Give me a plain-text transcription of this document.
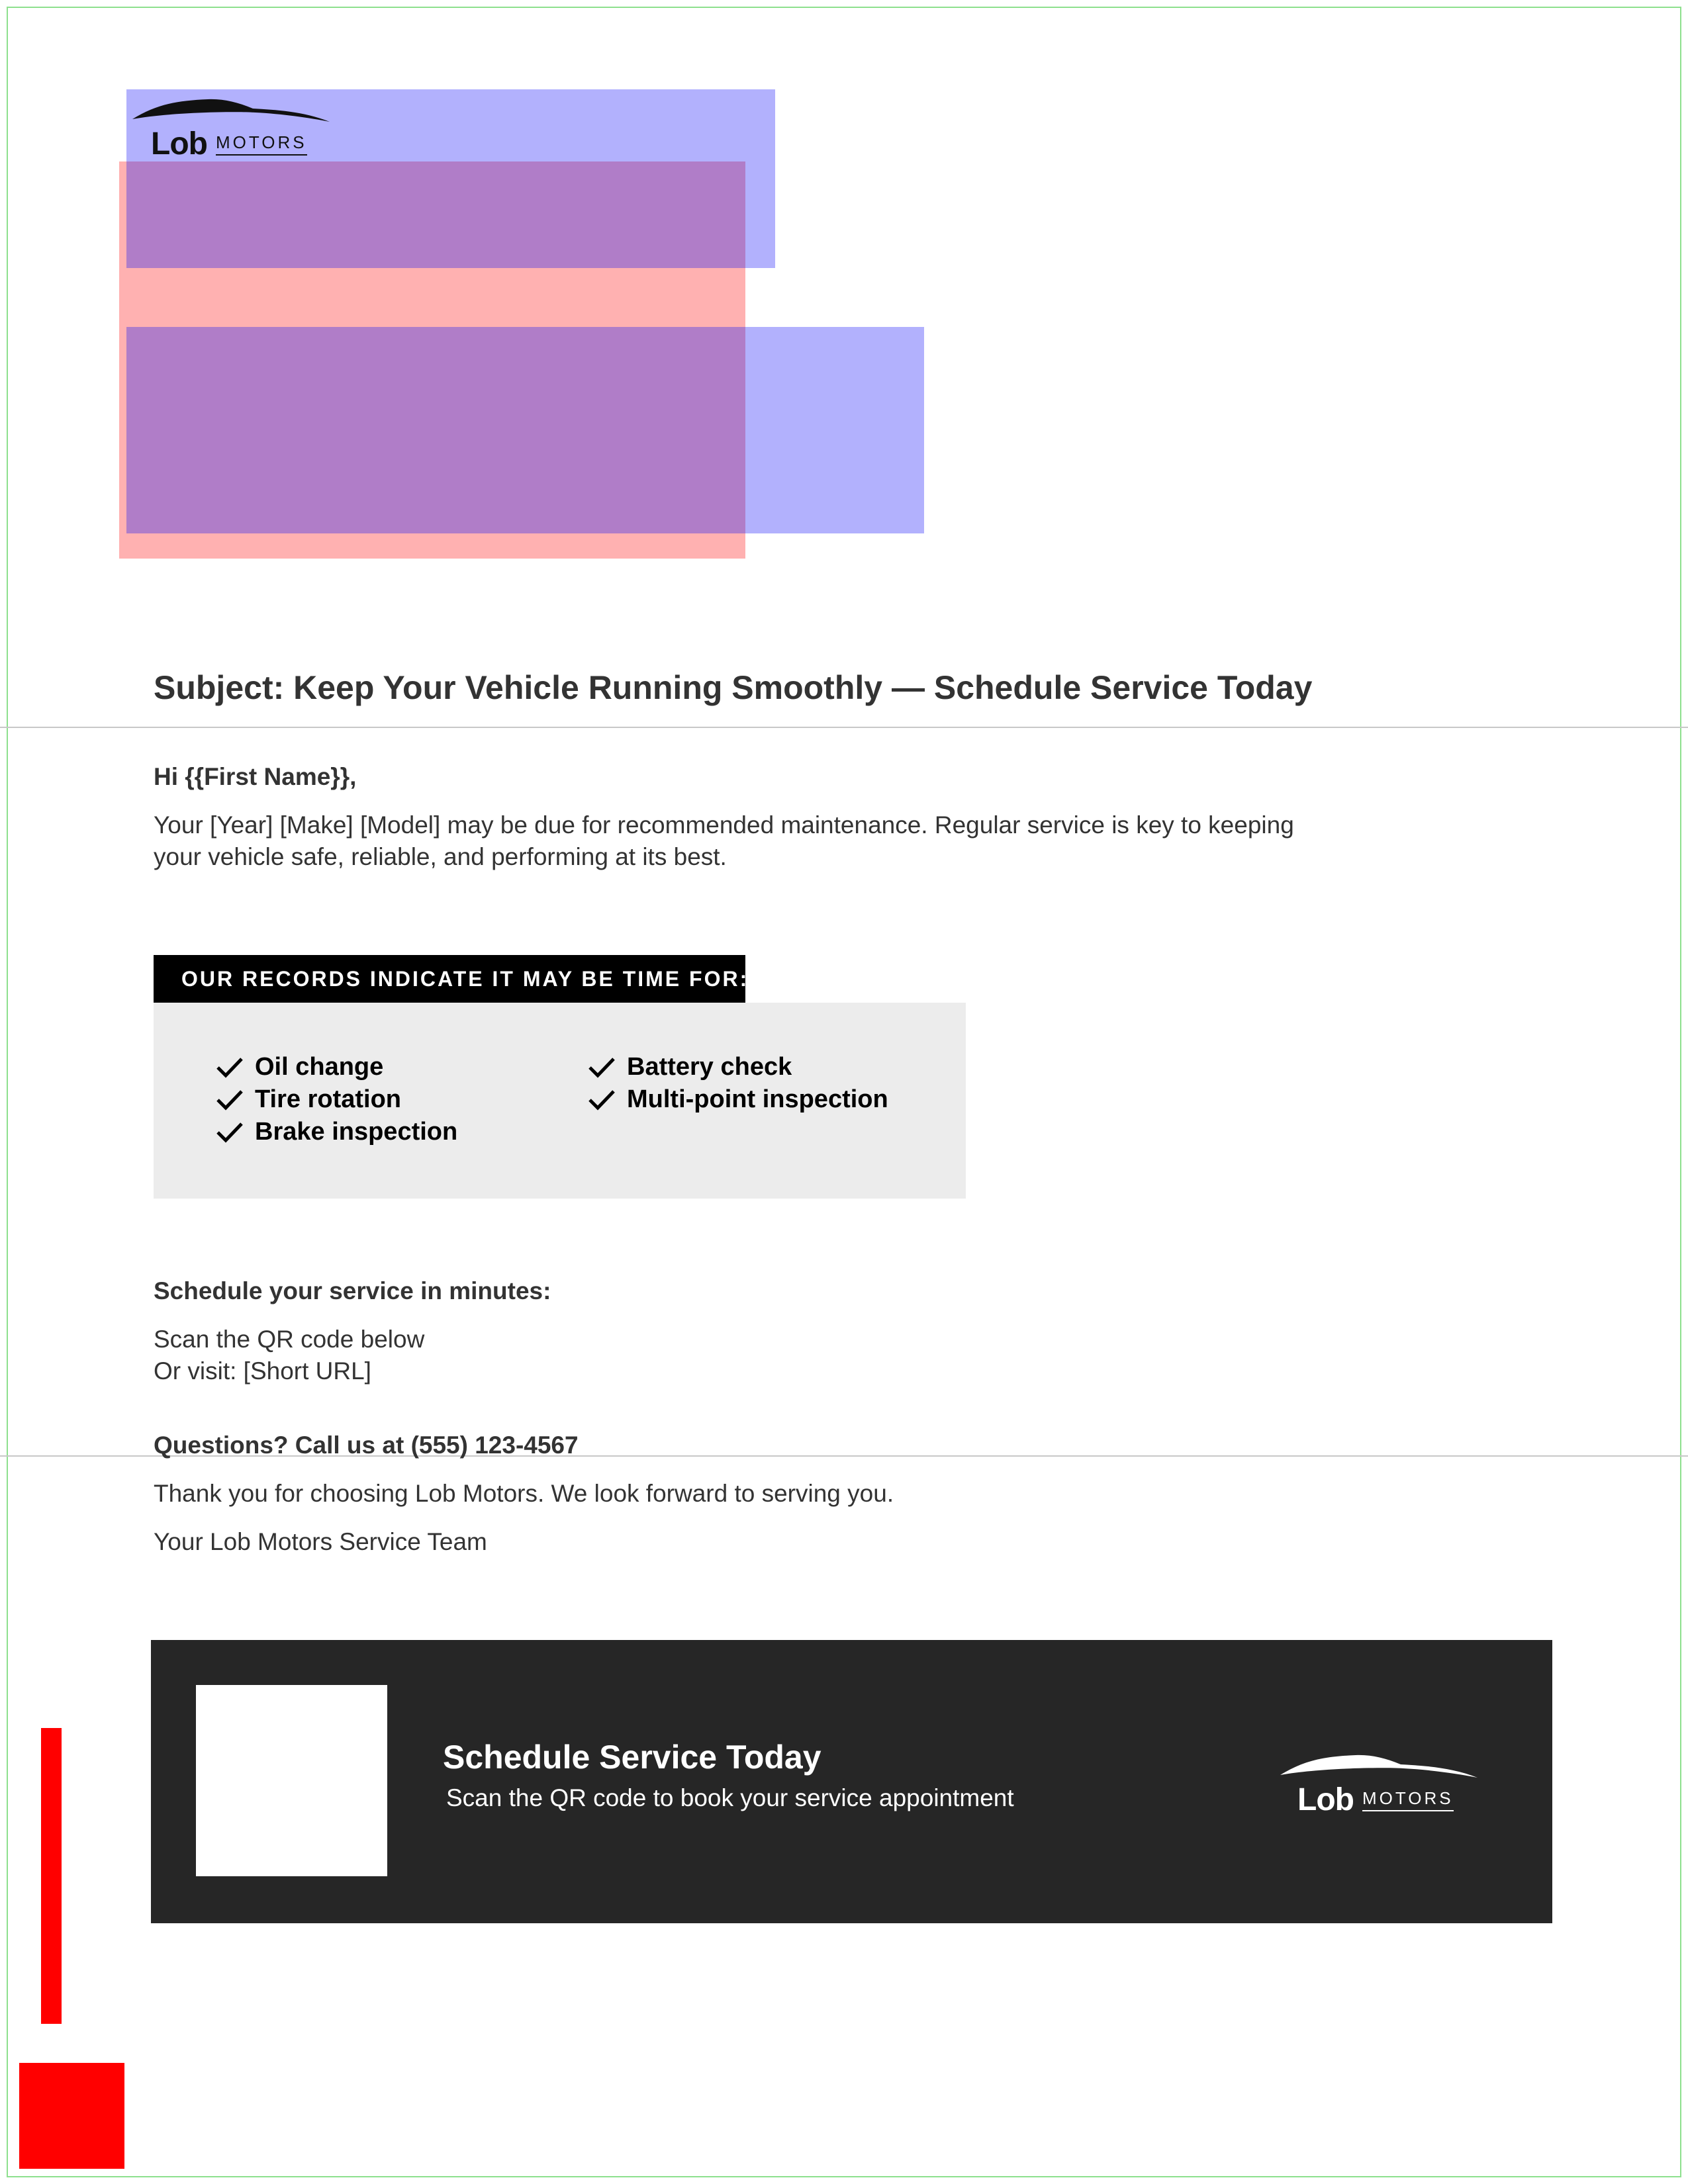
Lob MOTORS
Subject: Keep Your Vehicle Running Smoothly — Schedule Service Today
Hi {{First Name}},
Your [Year] [Make] [Model] may be due for recommended maintenance. Regular service is key to keeping
your vehicle safe, reliable, and performing at its best.
OUR RECORDS INDICATE IT MAY BE TIME FOR:
Oil change
Tire rotation
Brake inspection
Battery check
Multi-point inspection
Schedule your service in minutes:
Scan the QR code below
Or visit: [Short URL]
Questions? Call us at (555) 123-4567
Thank you for choosing Lob Motors. We look forward to serving you.
Your Lob Motors Service Team
Schedule Service Today
Scan the QR code to book your service appointment	Lob MOTORS
